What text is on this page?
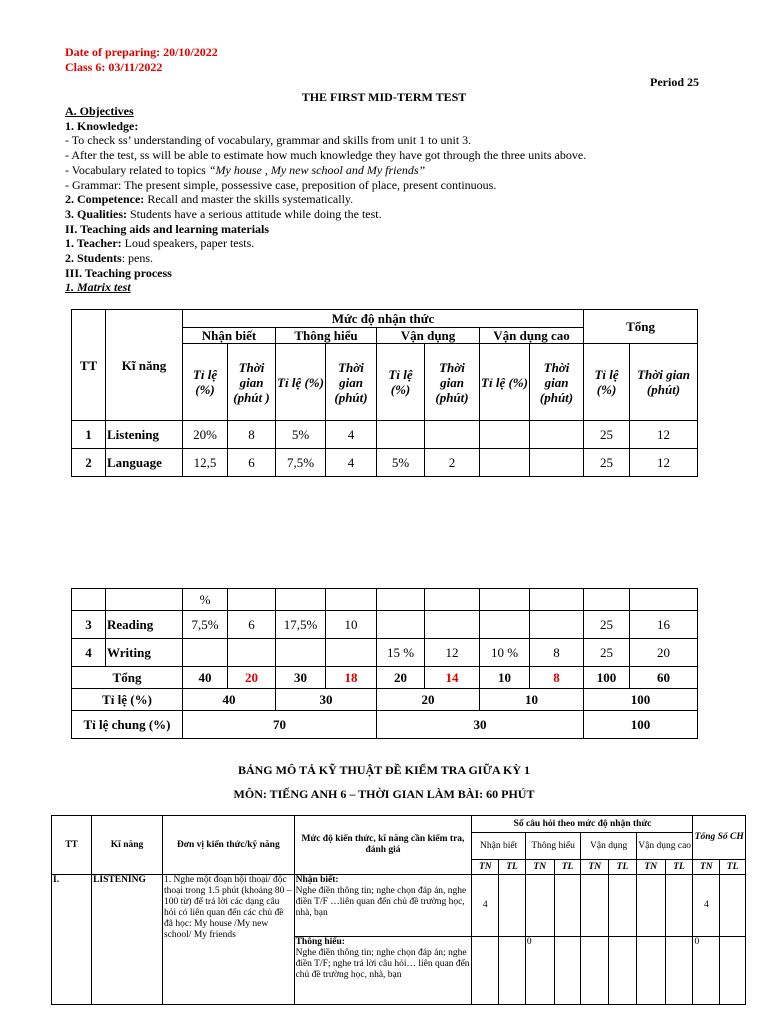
Date of preparing: 20/10/2022
Class 6: 03/11/2022
Period 25
THE FIRST MID-TERM TEST
A. Objectives
1. Knowledge:
- To check ss’ understanding of vocabulary, grammar and skills from unit 1 to unit 3.
- After the test, ss will be able to estimate how much knowledge they have got through the three units above.
- Vocabulary related to topics “My house , My new school and My friends”
- Grammar: The present simple, possessive case, preposition of place, present continuous.
2. Competence: Recall and master the skills systematically.
3. Qualities: Students have a serious attitude while doing the test.
II. Teaching aids and learning materials
1. Teacher: Loud speakers, paper tests.
2. Students: pens.
III. Teaching process
1. Matrix test
TT	Kĩ năng	Mức độ nhận thức								Tổng	
		Nhận biết		Thông hiểu		Vận dụng		Vận dụng cao			
		Tỉ lệ (%)	Thời gian (phút )	Tỉ lệ (%)	Thời gian (phút)	Tỉ lệ (%)	Thời gian (phút)	Tỉ lệ (%)	Thời gian (phút)	Tỉ lệ (%)	Thời gian (phút)
1	Listening	20%	8	5%	4					25	12
2	Language	12,5	6	7,5%	4	5%	2			25	12
		%									
3	Reading	7,5%	6	17,5%	10					25	16
4	Writing					15 %	12	10 %	8	25	20
Tổng		40	20	30	18	20	14	10	8	100	60
Tỉ lệ (%)		40		30		20		10		100	
Tỉ lệ chung (%)		70				30				100	
BẢNG MÔ TẢ KỸ THUẬT ĐỀ KIỂM TRA GIỮA KỲ 1
MÔN: TIẾNG ANH 6 – THỜI GIAN LÀM BÀI: 60 PHÚT
TT	Kĩ năng	Đơn vị kiến thức/kỹ năng	Mức độ kiến thức, kĩ năng cần kiểm tra, đánh giá	Số câu hỏi theo mức độ nhận thức								Tổng Số CH	
				Nhận biết		Thông hiểu		Vận dụng		Vận dụng cao			
				TN	TL	TN	TL	TN	TL	TN	TL	TN	TL
I.	LISTENING	1. Nghe một đoạn hội thoại/ độc thoại trong 1.5 phút (khoảng 80 – 100 từ) để trả lời các dạng câu hỏi có liên quan đến các chủ đề đã học: My house /My new school/ My friends	Nhận biết:
Nghe điền thông tin; nghe chọn đáp án, nghe điền T/F …liên quan đến chủ đề trường học, nhà, bạn	4								4	

			Thông hiểu:
Nghe điền thông tin; nghe chọn đáp án; nghe điền T/F; nghe trả lời câu hỏi… liên quan đến chủ đề trường học, nhà, bạn			0						0	
